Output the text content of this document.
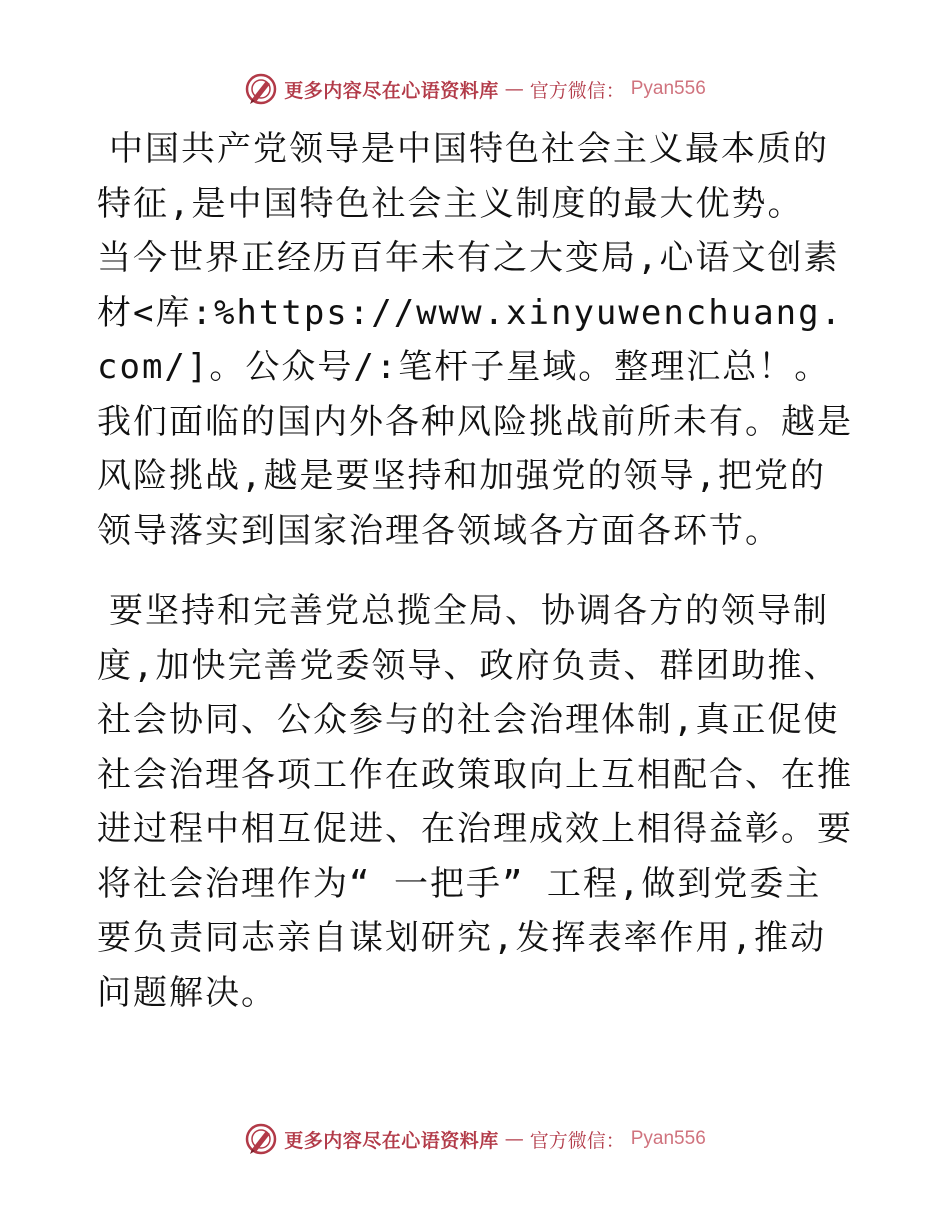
更多内容尽在心语资料库 — 官方微信： Pyan556

中国共产党领导是中国特色社会主义最本质的特征,是中国特色社会主义制度的最大优势。 当今世界正经历百年未有之大变局,心语文创素材<库:%https://www.xinyuwenchuang.com/]。公众号/:笔杆子星域。整理汇总！。我们面临的国内外各种风险挑战前所未有。越是风险挑战,越是要坚持和加强党的领导,把党的领导落实到国家治理各领域各方面各环节。

要坚持和完善党总揽全局、协调各方的领导制度,加快完善党委领导、政府负责、群团助推、社会协同、公众参与的社会治理体制,真正促使社会治理各项工作在政策取向上互相配合、在推进过程中相互促进、在治理成效上相得益彰。要将社会治理作为“ 一把手” 工程,做到党委主要负责同志亲自谋划研究,发挥表率作用,推动问题解决。

更多内容尽在心语资料库 — 官方微信： Pyan556
